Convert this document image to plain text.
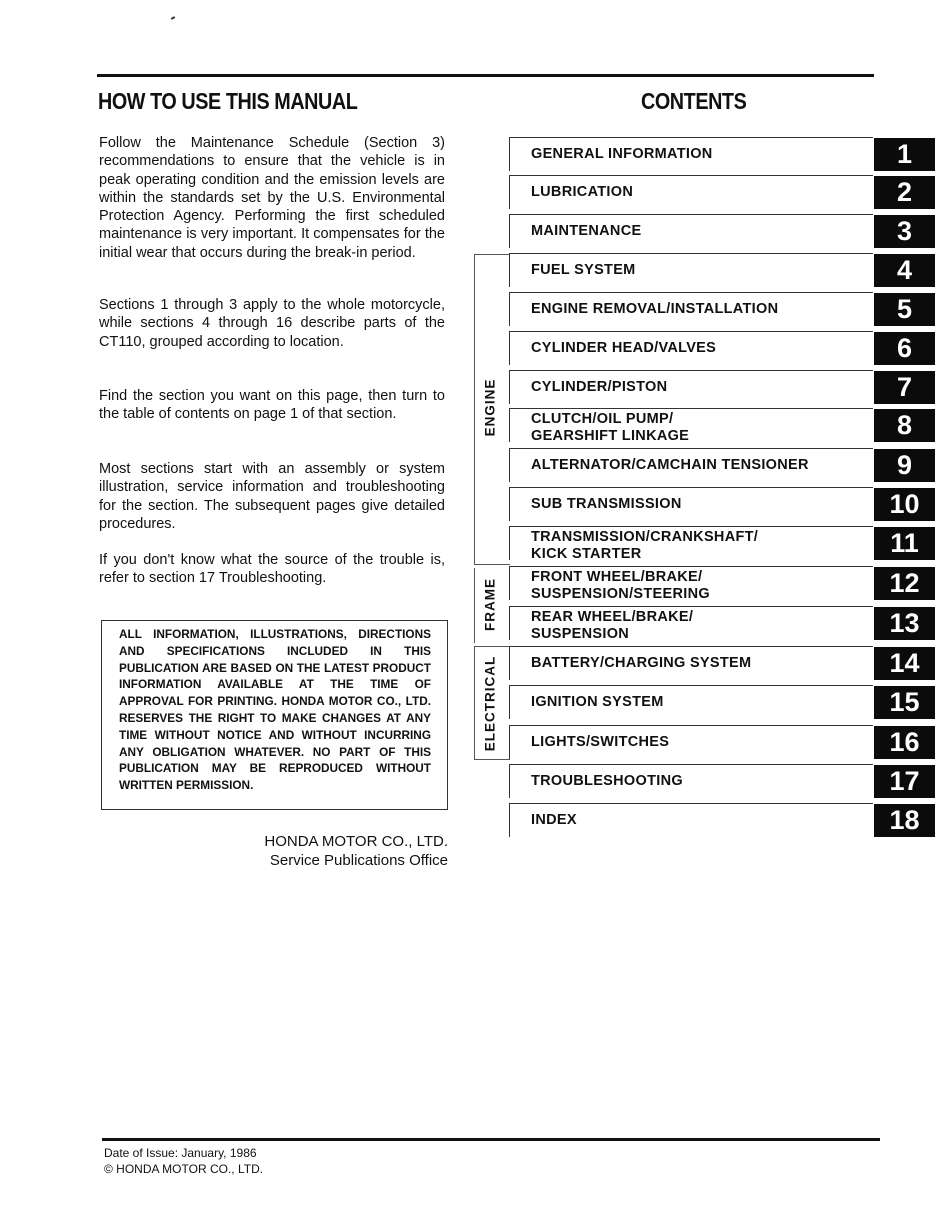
HOW TO USE THIS MANUAL	CONTENTS

Follow the Maintenance Schedule (Section 3) recommendations to ensure that the vehicle is in peak operating condition and the emission levels are within the standards set by the U.S. Environmental Protection Agency. Performing the first scheduled maintenance is very important. It compensates for the initial wear that occurs during the break-in period.

Sections 1 through 3 apply to the whole motorcycle, while sections 4 through 16 describe parts of the CT110, grouped according to location.

Find the section you want on this page, then turn to the table of contents on page 1 of that section.

Most sections start with an assembly or system illustration, service information and troubleshooting for the section. The subsequent pages give detailed procedures.

If you don't know what the source of the trouble is, refer to section 17 Troubleshooting.

ALL INFORMATION, ILLUSTRATIONS, DIRECTIONS AND SPECIFICATIONS INCLUDED IN THIS PUBLICATION ARE BASED ON THE LATEST PRODUCT INFORMATION AVAILABLE AT THE TIME OF APPROVAL FOR PRINTING. HONDA MOTOR CO., LTD. RESERVES THE RIGHT TO MAKE CHANGES AT ANY TIME WITHOUT NOTICE AND WITHOUT INCURRING ANY OBLIGATION WHATEVER. NO PART OF THIS PUBLICATION MAY BE REPRODUCED WITHOUT WRITTEN PERMISSION.

HONDA MOTOR CO., LTD.
Service Publications Office
ENGINE
FRAME
ELECTRICAL
GENERAL INFORMATION	1
LUBRICATION	2
MAINTENANCE	3
FUEL SYSTEM	4
ENGINE REMOVAL/INSTALLATION	5
CYLINDER HEAD/VALVES	6
CYLINDER/PISTON	7
CLUTCH/OIL PUMP/
GEARSHIFT LINKAGE	8
ALTERNATOR/CAMCHAIN TENSIONER	9
SUB TRANSMISSION	10
TRANSMISSION/CRANKSHAFT/
KICK STARTER	11
FRONT WHEEL/BRAKE/
SUSPENSION/STEERING	12
REAR WHEEL/BRAKE/
SUSPENSION	13
BATTERY/CHARGING SYSTEM	14
IGNITION SYSTEM	15
LIGHTS/SWITCHES	16
TROUBLESHOOTING	17
INDEX	18
Date of Issue: January, 1986
© HONDA MOTOR CO., LTD.
